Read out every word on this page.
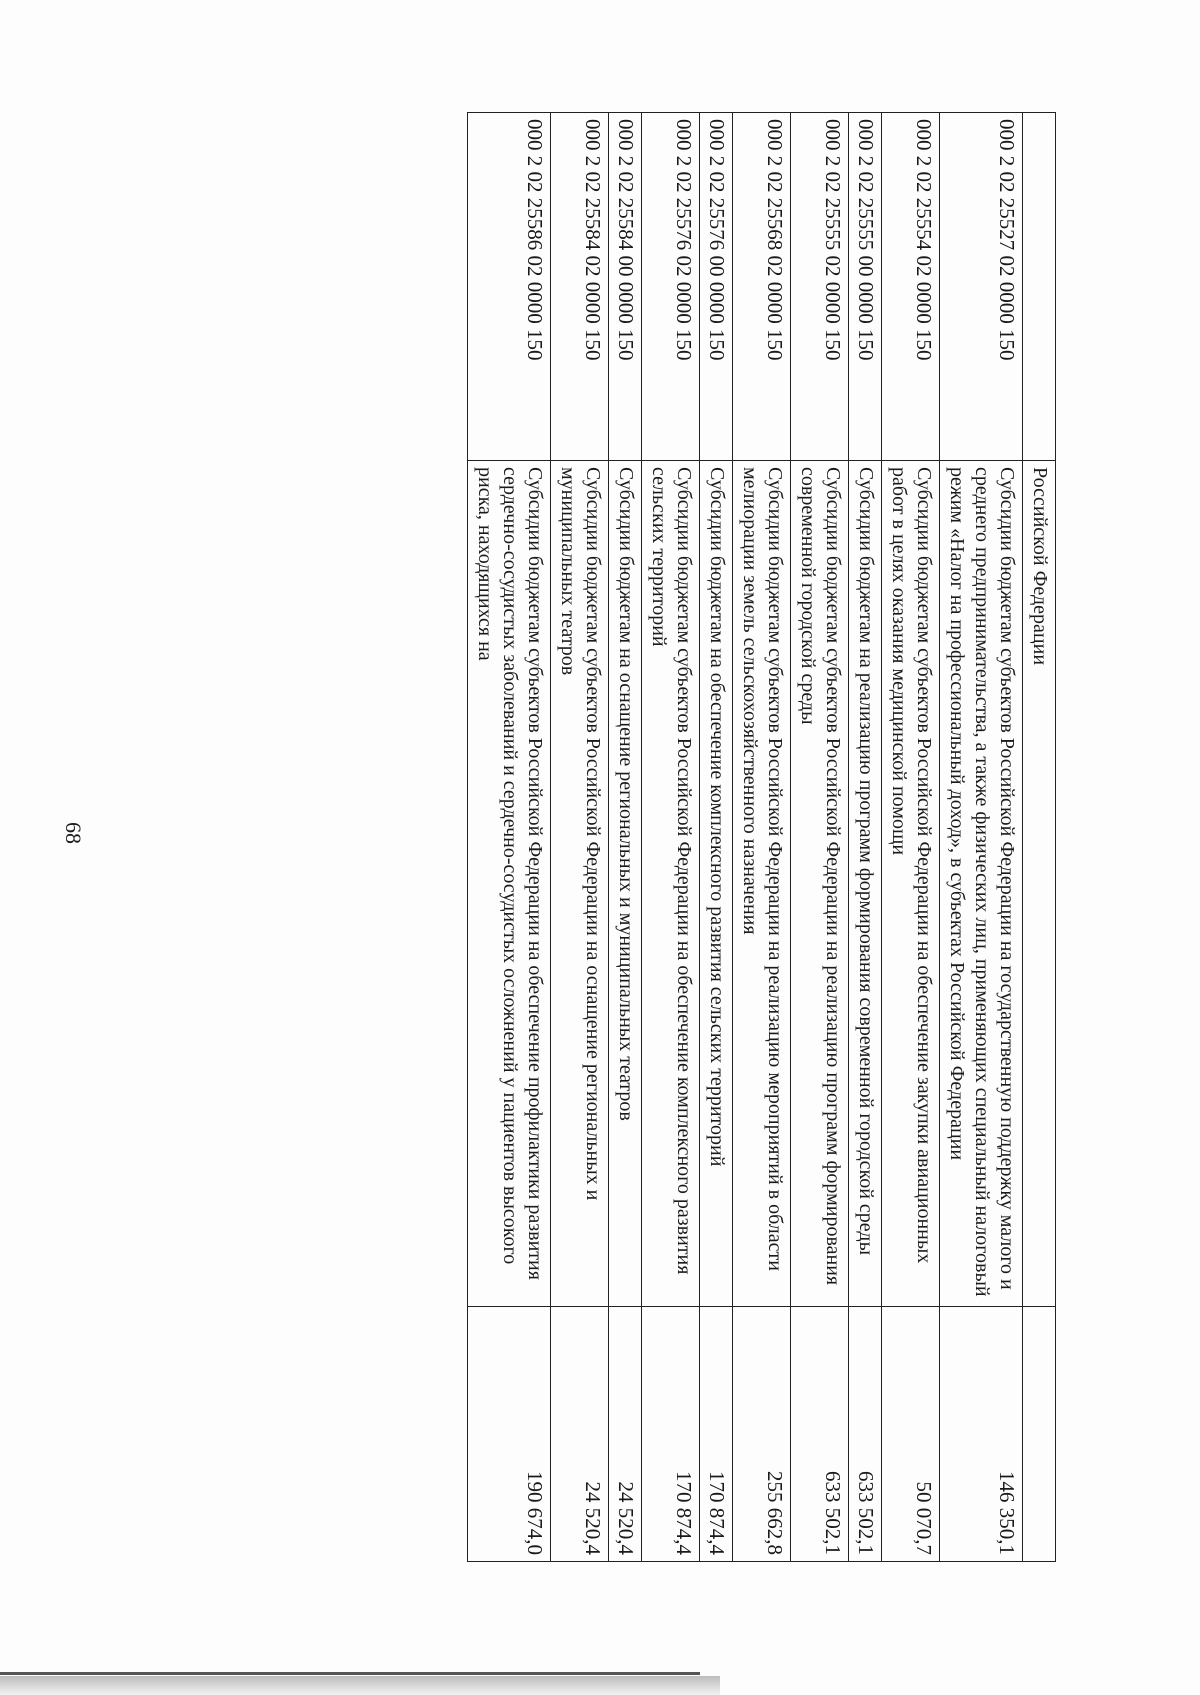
68
	Российской Федерации	
000 2 02 25527 02 0000 150	Субсидии бюджетам субъектов Российской Федерации на государственную поддержку малого и среднего предпринимательства, а также физических лиц, применяющих специальный налоговый режим «Налог на профессиональный доход», в субъектах Российской Федерации	146 350,1
000 2 02 25554 02 0000 150	Субсидии бюджетам субъектов Российской Федерации на обеспечение закупки авиационных работ в целях оказания медицинской помощи	50 070,7
000 2 02 25555 00 0000 150	Субсидии бюджетам на реализацию программ формирования современной городской среды	633 502,1
000 2 02 25555 02 0000 150	Субсидии бюджетам субъектов Российской Федерации на реализацию программ формирования современной городской среды	633 502,1
000 2 02 25568 02 0000 150	Субсидии бюджетам субъектов Российской Федерации на реализацию мероприятий в области мелиорации земель сельскохозяйственного назначения	255 662,8
000 2 02 25576 00 0000 150	Субсидии бюджетам на обеспечение комплексного развития сельских территорий	170 874,4
000 2 02 25576 02 0000 150	Субсидии бюджетам субъектов Российской Федерации на обеспечение комплексного развития сельских территорий	170 874,4
000 2 02 25584 00 0000 150	Субсидии бюджетам на оснащение региональных и муниципальных театров	24 520,4
000 2 02 25584 02 0000 150	Субсидии бюджетам субъектов Российской Федерации на оснащение региональных и муниципальных театров	24 520,4
000 2 02 25586 02 0000 150	Субсидии бюджетам субъектов Российской Федерации на обеспечение профилактики развития сердечно-сосудистых заболеваний и сердечно-сосудистых осложнений у пациентов высокого риска, находящихся на	190 674,0
